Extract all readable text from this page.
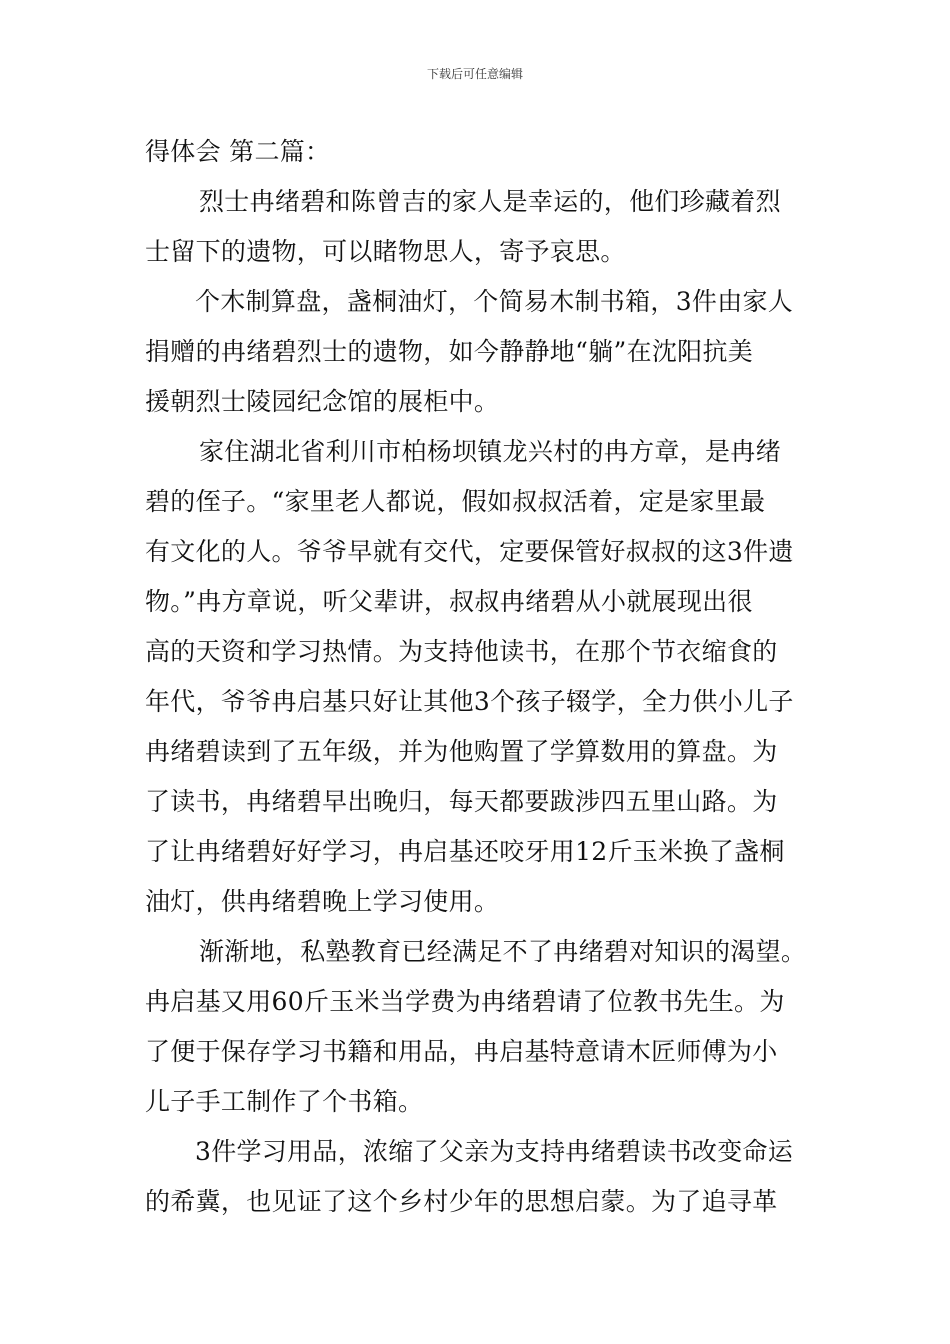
下载后可任意编辑
得体会 第二篇：
烈士冉绪碧和陈曾吉的家人是幸运的，他们珍藏着烈
士留下的遗物，可以睹物思人，寄予哀思。
个木制算盘，盏桐油灯，个简易木制书箱，3件由家人
捐赠的冉绪碧烈士的遗物，如今静静地“躺”在沈阳抗美
援朝烈士陵园纪念馆的展柜中。
家住湖北省利川市柏杨坝镇龙兴村的冉方章，是冉绪
碧的侄子。“家里老人都说，假如叔叔活着，定是家里最
有文化的人。爷爷早就有交代，定要保管好叔叔的这3件遗
物。”冉方章说，听父辈讲，叔叔冉绪碧从小就展现出很
高的天资和学习热情。为支持他读书，在那个节衣缩食的
年代，爷爷冉启基只好让其他3个孩子辍学，全力供小儿子
冉绪碧读到了五年级，并为他购置了学算数用的算盘。为
了读书，冉绪碧早出晚归，每天都要跋涉四五里山路。为
了让冉绪碧好好学习，冉启基还咬牙用12斤玉米换了盏桐
油灯，供冉绪碧晚上学习使用。
渐渐地，私塾教育已经满足不了冉绪碧对知识的渴望。
冉启基又用60斤玉米当学费为冉绪碧请了位教书先生。为
了便于保存学习书籍和用品，冉启基特意请木匠师傅为小
儿子手工制作了个书箱。
3件学习用品，浓缩了父亲为支持冉绪碧读书改变命运
的希冀，也见证了这个乡村少年的思想启蒙。为了追寻革
